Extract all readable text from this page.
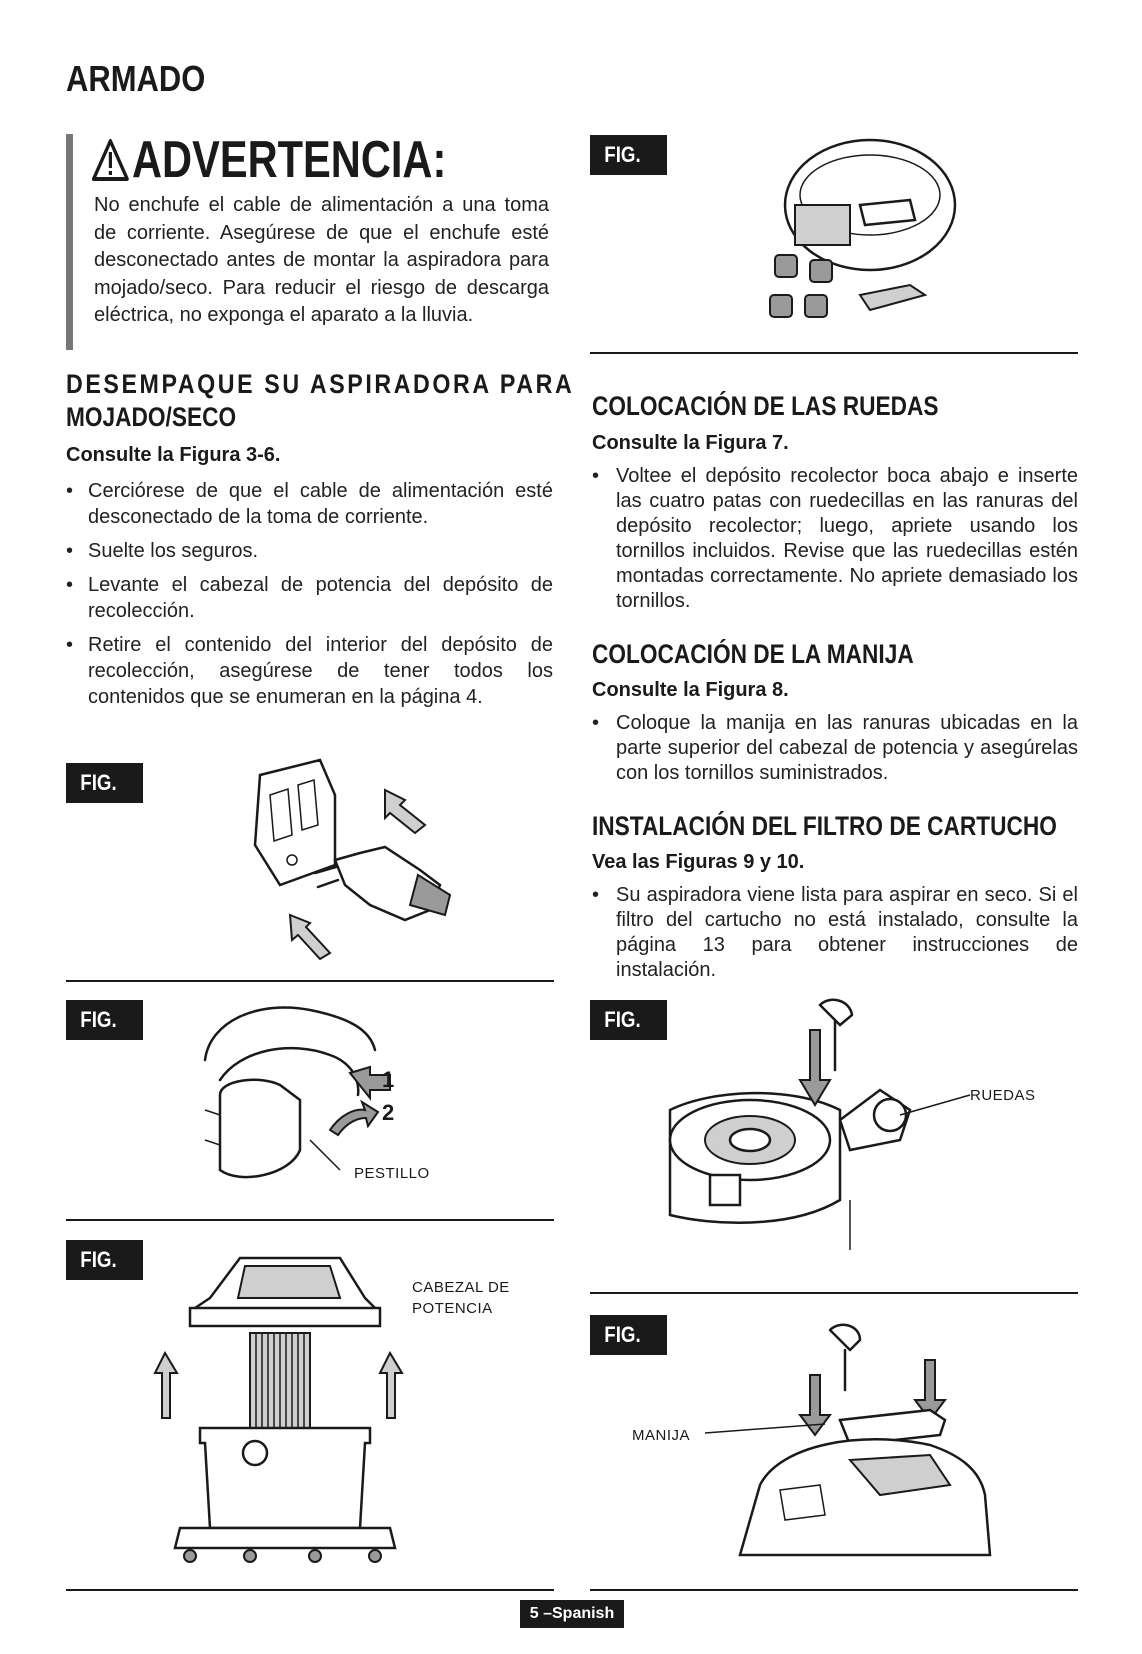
ARMADO
ADVERTENCIA:
No enchufe el cable de alimentación a una toma de corriente. Asegúrese de que el enchufe esté desconectado antes de montar la aspiradora para mojado/seco. Para reducir el riesgo de descarga eléctrica, no exponga el aparato a la lluvia.
DESEMPAQUE SU ASPIRADORA PARA
MOJADO/SECO
Consulte la Figura 3-6.
• Cerciórese de que el cable de alimentación esté desconectado de la toma de corriente.
• Suelte los seguros.
• Levante el cabezal de potencia del depósito de recolección.
• Retire el contenido del interior del depósito de recolección, asegúrese de tener todos los contenidos que se enumeran en la página 4.
FIG. 3
FIG. 4
1
2
PESTILLO
FIG. 5	CABEZAL DE
POTENCIA
FIG. 6
COLOCACIÓN DE LAS RUEDAS
Consulte la Figura 7.
• Voltee el depósito recolector boca abajo e inserte las cuatro patas con ruedecillas en las ranuras del depósito recolector; luego, apriete usando los tornillos incluidos. Revise que las ruedecillas estén montadas correctamente. No apriete demasiado los tornillos.
COLOCACIÓN DE LA MANIJA
Consulte la Figura 8.
• Coloque la manija en las ranuras ubicadas en la parte superior del cabezal de potencia y asegúrelas con los tornillos suministrados.
INSTALACIÓN DEL FILTRO DE CARTUCHO
Vea las Figuras 9 y 10.
• Su aspiradora viene lista para aspirar en seco. Si el filtro del cartucho no está instalado, consulte la página 13 para obtener instrucciones de instalación.
FIG. 7
RUEDAS
FIG. 8
MANIJA
5 –Spanish
